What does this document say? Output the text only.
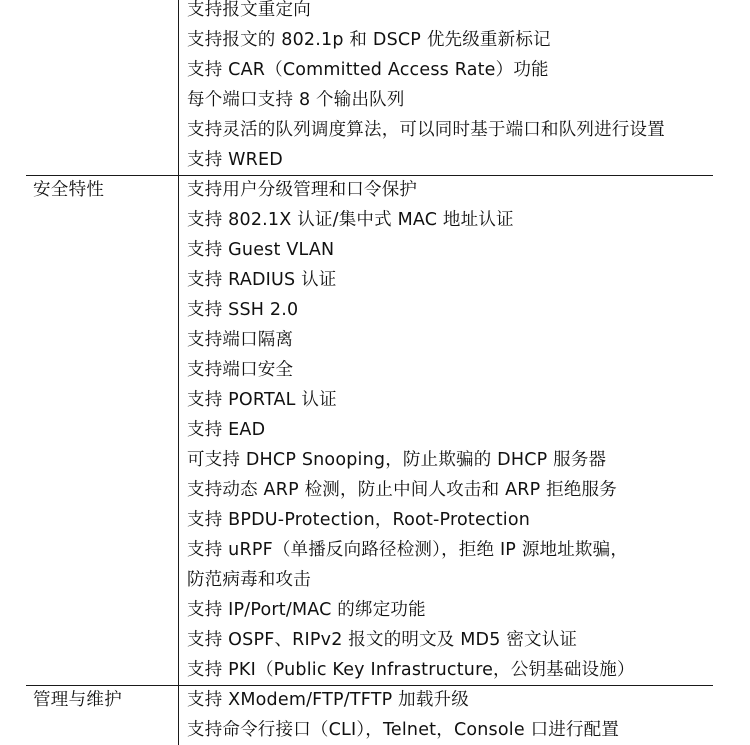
支持报文重定向
支持报文的 802.1p 和 DSCP 优先级重新标记
支持 CAR（Committed Access Rate）功能
每个端口支持 8 个输出队列
支持灵活的队列调度算法，可以同时基于端口和队列进行设置
支持 WRED
安全特性	支持用户分级管理和口令保护
支持 802.1X 认证/集中式 MAC 地址认证
支持 Guest VLAN
支持 RADIUS 认证
支持 SSH 2.0
支持端口隔离
支持端口安全
支持 PORTAL 认证
支持 EAD
可支持 DHCP Snooping，防止欺骗的 DHCP 服务器
支持动态 ARP 检测，防止中间人攻击和 ARP 拒绝服务
支持 BPDU-Protection，Root-Protection
支持 uRPF（单播反向路径检测），拒绝 IP 源地址欺骗，
防范病毒和攻击
支持 IP/Port/MAC 的绑定功能
支持 OSPF、RIPv2 报文的明文及 MD5 密文认证
支持 PKI（Public Key Infrastructure，公钥基础设施）
管理与维护	支持 XModem/FTP/TFTP 加载升级
支持命令行接口（CLI），Telnet，Console 口进行配置
